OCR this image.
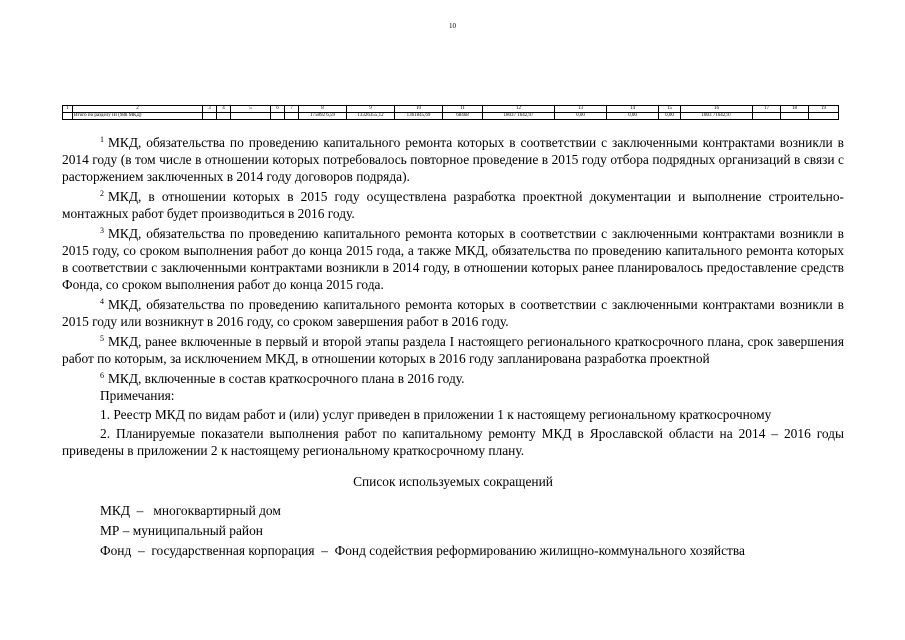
10
1	2	3	4	5	6	7	8	9	10	11	12	13	14	15	16	17	18	19
	Итого по разделу III (988 МКД)						175892 6,59	13326355,12	1361845,69	68468	18037 1642,97	0,00	0,00	0,00	1803 71642,97			

$^1$ МКД, обязательства по проведению капитального ремонта которых в соответствии с заключенными контрактами возникли в 2014 году (в том числе в отношении которых потребовалось повторное проведение в 2015 году отбора подрядных организаций в связи с расторжением заключенных в 2014 году договоров подряда).

$^2$ МКД, в отношении которых в 2015 году осуществлена разработка проектной документации и выполнение строительно-монтажных работ будет производиться в 2016 году.

$^3$ МКД, обязательства по проведению капитального ремонта которых в соответствии с заключенными контрактами возникли в 2015 году, со сроком выполнения работ до конца 2015 года, а также МКД, обязательства по проведению капитального ремонта которых в соответствии с заключенными контрактами возникли в 2014 году, в отношении которых ранее планировалось предоставление средств Фонда, со сроком выполнения работ до конца 2015 года.

$^4$ МКД, обязательства по проведению капитального ремонта которых в соответствии с заключенными контрактами возникли в 2015 году или возникнут в 2016 году, со сроком завершения работ в 2016 году.

$^5$ МКД, ранее включенные в первый и второй этапы раздела I настоящего регионального краткосрочного плана, срок завершения работ по которым, за исключением МКД, в отношении которых в 2016 году запланирована разработка проектной

$^6$ МКД, включенные в состав краткосрочного плана в 2016 году.

Примечания:

1. Реестр МКД по видам работ и (или) услуг приведен в приложении 1 к настоящему региональному краткосрочному

2. Планируемые показатели выполнения работ по капитальному ремонту МКД в Ярославской области на 2014 – 2016 годы приведены в приложении 2 к настоящему региональному краткосрочному плану.

Список используемых сокращений

МКД  –   многоквартирный дом

МР – муниципальный район

Фонд  –  государственная корпорация  –  Фонд содействия реформированию жилищно-коммунального хозяйства
